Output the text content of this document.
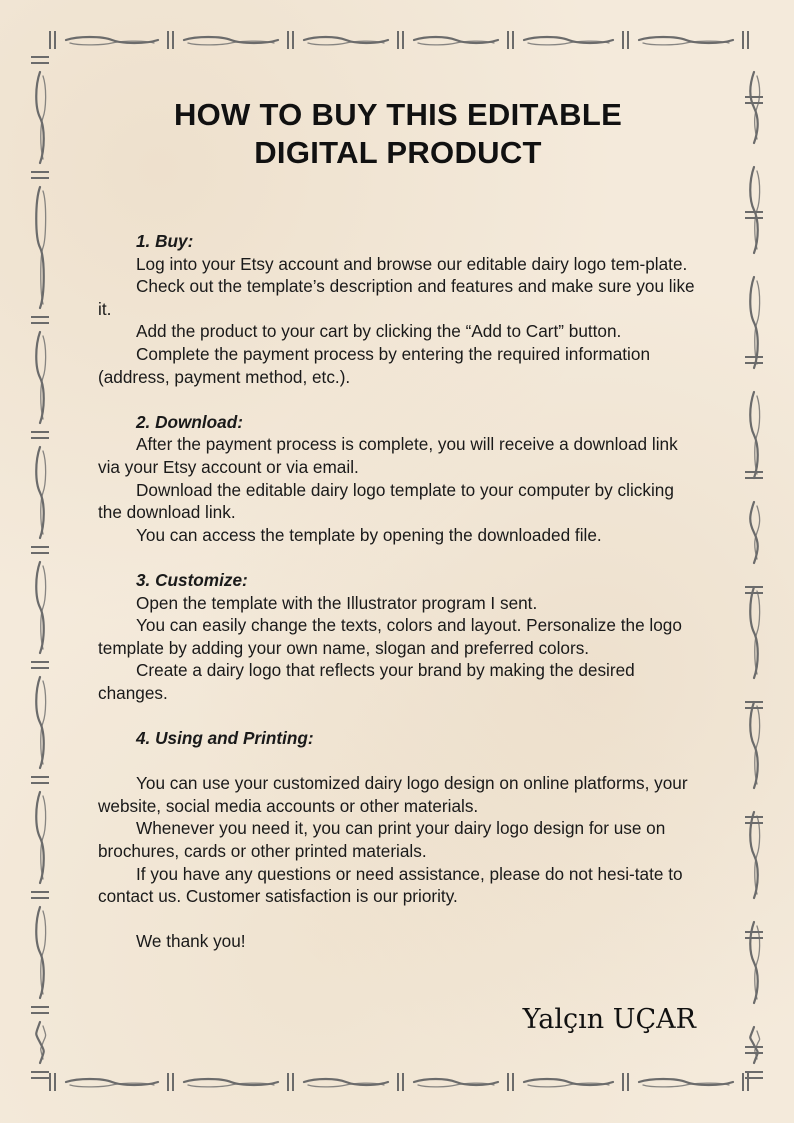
HOW TO BUY THIS EDITABLE
DIGITAL PRODUCT
1. Buy:
Log into your Etsy account and browse our editable dairy logo tem-plate.
Check out the template’s description and features and make sure you like it.
Add the product to your cart by clicking the “Add to Cart” button.
Complete the payment process by entering the required information (address, payment method, etc.).
2. Download:
After the payment process is complete, you will receive a download link via your Etsy account or via email.
Download the editable dairy logo template to your computer by clicking the download link.
You can access the template by opening the downloaded file.
3. Customize:
Open the template with the Illustrator program I sent.
You can easily change the texts, colors and layout. Personalize the logo template by adding your own name, slogan and preferred colors.
Create a dairy logo that reflects your brand by making the desired changes.
4. Using and Printing:
You can use your customized dairy logo design on online platforms, your website, social media accounts or other materials.
Whenever you need it, you can print your dairy logo design for use on brochures, cards or other printed materials.
If you have any questions or need assistance, please do not hesi-tate to contact us. Customer satisfaction is our priority.
We thank you!
Yalçın UÇAR
